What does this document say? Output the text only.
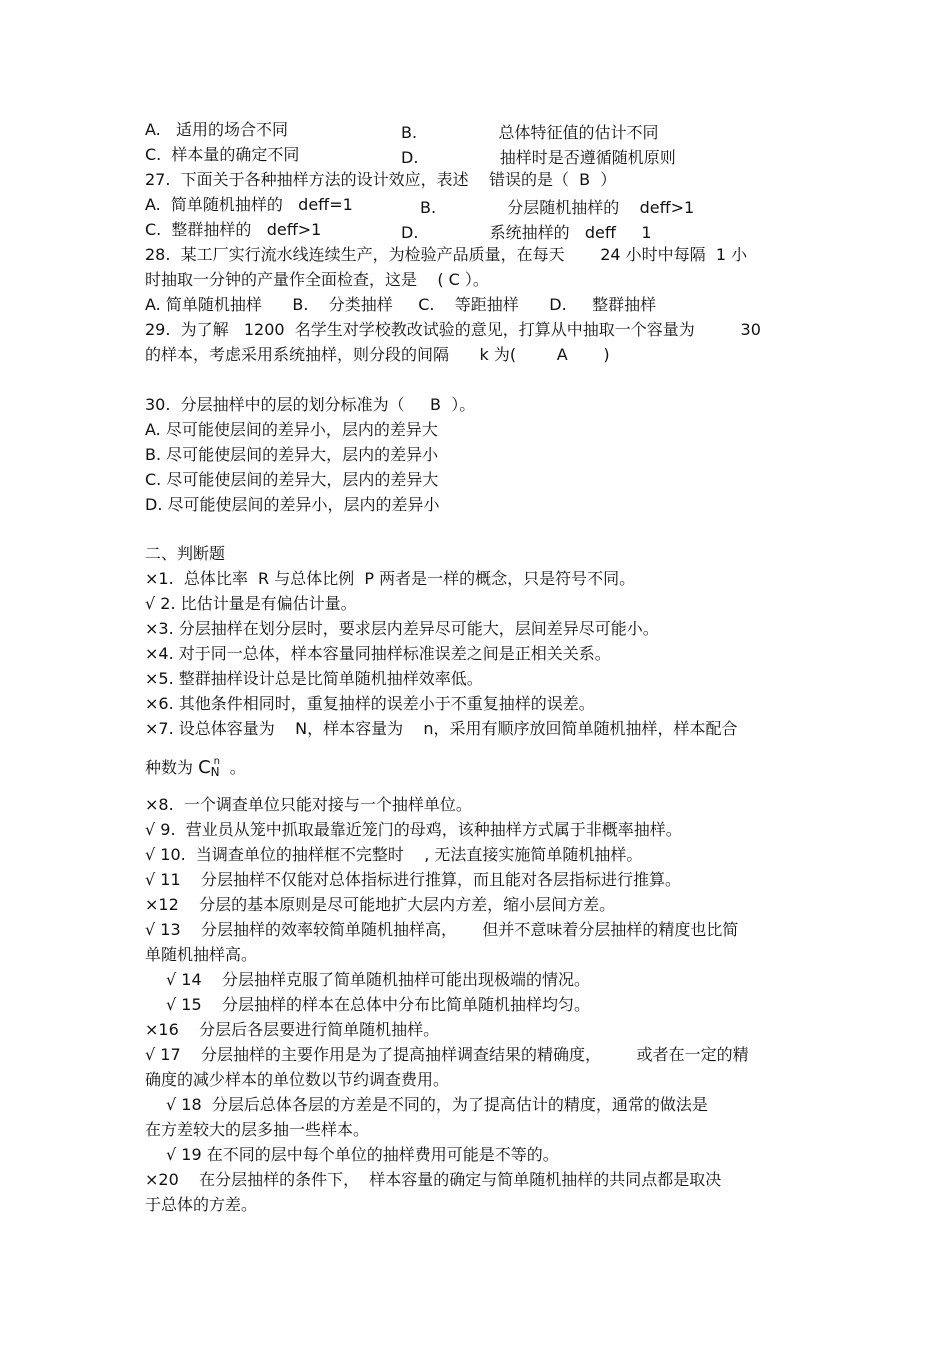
A.   适用的场合不同	B.                总体特征值的估计不同
C.  样本量的确定不同	D.                抽样时是否遵循随机原则
27.  下面关于各种抽样方法的设计效应，表述    错误的是（  B  ）
A.  简单随机抽样的   deff=1	B.              分层随机抽样的    deff>1
C.  整群抽样的   deff>1	D.              系统抽样的   deff     1
28.  某工厂实行流水线连续生产，为检验产品质量，在每天       24 小时中每隔  1 小
时抽取一分钟的产量作全面检查，这是    ( C ）。
A. 简单随机抽样      B.    分类抽样     C.    等距抽样      D.     整群抽样
29.  为了解   1200  名学生对学校教改试验的意见，打算从中抽取一个容量为         30
的样本，考虑采用系统抽样，则分段的间隔      k 为(        A       )
30.  分层抽样中的层的划分标准为（     B  ）。
A. 尽可能使层间的差异小，层内的差异大
B. 尽可能使层间的差异大，层内的差异小
C. 尽可能使层间的差异大，层内的差异大
D. 尽可能使层间的差异小，层内的差异小
二、判断题
×1.  总体比率  R 与总体比例  P 两者是一样的概念，只是符号不同。
√ 2. 比估计量是有偏估计量。
×3. 分层抽样在划分层时，要求层内差异尽可能大，层间差异尽可能小。
×4. 对于同一总体，样本容量同抽样标准误差之间是正相关关系。
×5. 整群抽样设计总是比简单随机抽样效率低。
×6. 其他条件相同时，重复抽样的误差小于不重复抽样的误差。
×7. 设总体容量为    N，样本容量为    n，采用有顺序放回简单随机抽样，样本配合
种数为 C n
N 。
×8.  一个调查单位只能对接与一个抽样单位。
√ 9.  营业员从笼中抓取最靠近笼门的母鸡，该种抽样方式属于非概率抽样。
√ 10.  当调查单位的抽样框不完整时    , 无法直接实施简单随机抽样。
√ 11    分层抽样不仅能对总体指标进行推算，而且能对各层指标进行推算。
×12    分层的基本原则是尽可能地扩大层内方差，缩小层间方差。
√ 13    分层抽样的效率较简单随机抽样高，     但并不意味着分层抽样的精度也比简
单随机抽样高。
√ 14    分层抽样克服了简单随机抽样可能出现极端的情况。
√ 15    分层抽样的样本在总体中分布比简单随机抽样均匀。
×16    分层后各层要进行简单随机抽样。
√ 17    分层抽样的主要作用是为了提高抽样调查结果的精确度，       或者在一定的精
确度的减少样本的单位数以节约调查费用。
√ 18  分层后总体各层的方差是不同的，为了提高估计的精度，通常的做法是
在方差较大的层多抽一些样本。
√ 19 在不同的层中每个单位的抽样费用可能是不等的。
×20    在分层抽样的条件下，  样本容量的确定与简单随机抽样的共同点都是取决
于总体的方差。
